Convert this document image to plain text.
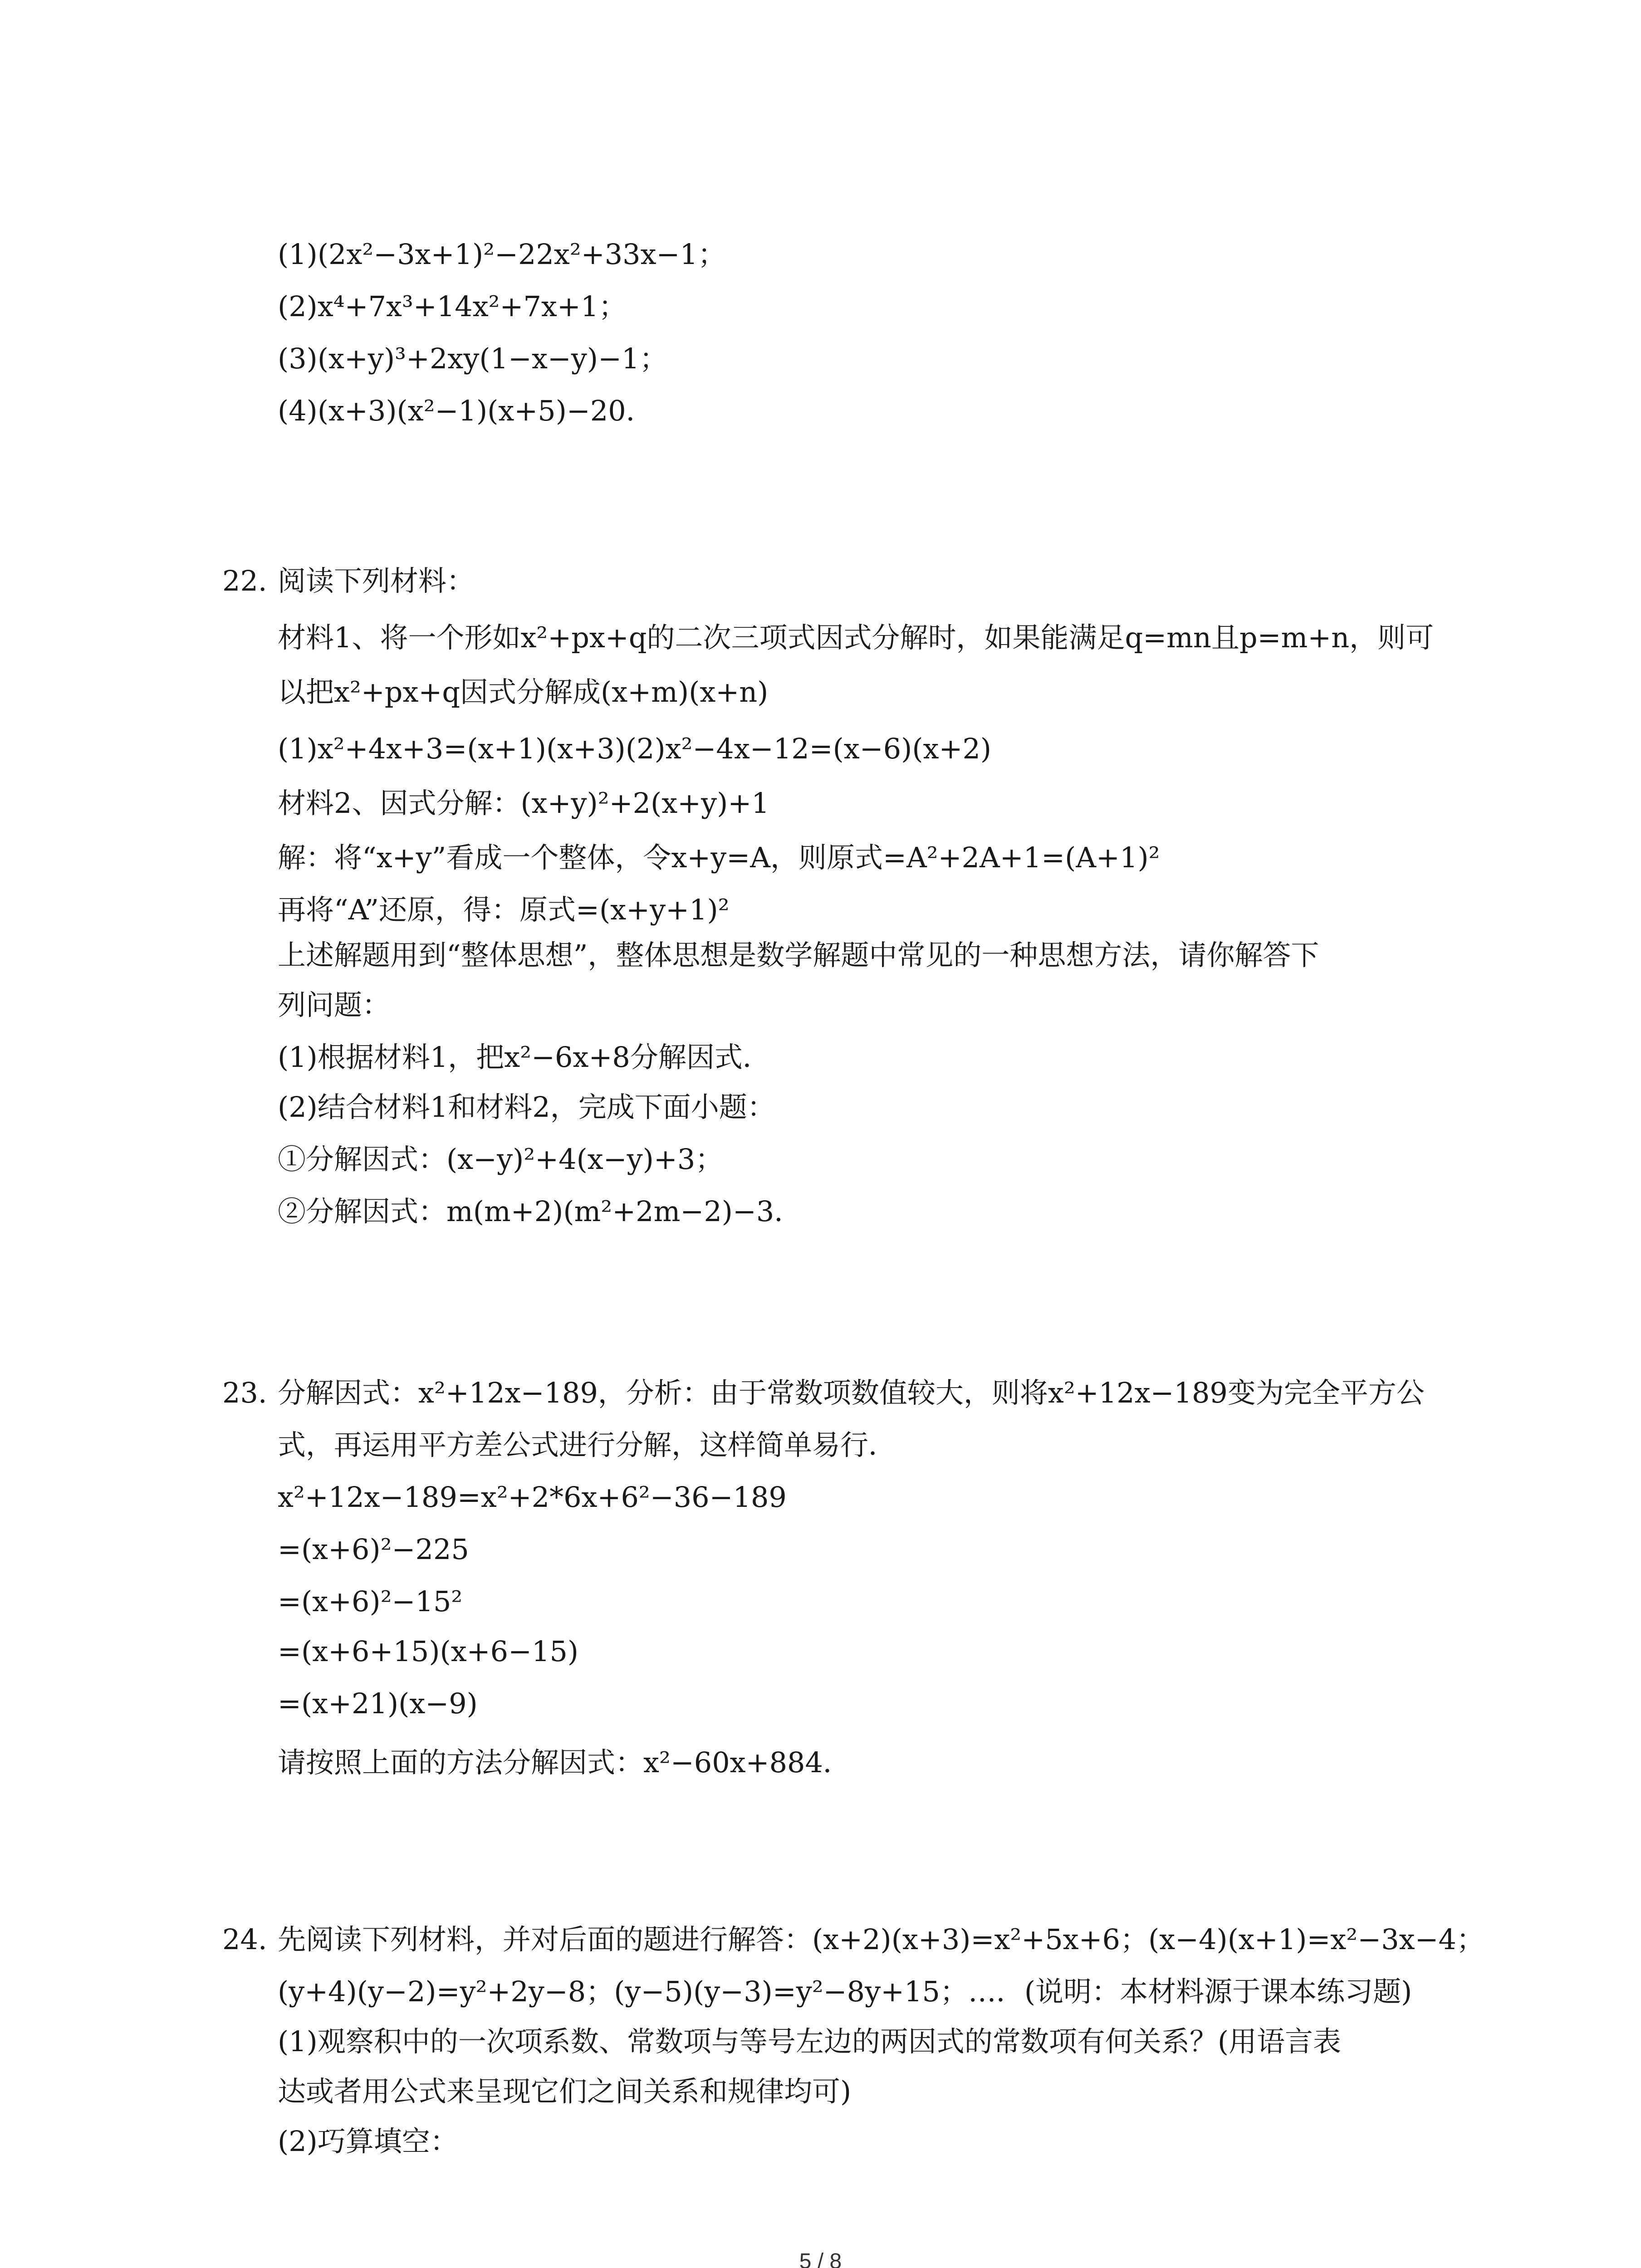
(1)(2x²−3x+1)²−22x²+33x−1；
(2)x⁴+7x³+14x²+7x+1；
(3)(x+y)³+2xy(1−x−y)−1；
(4)(x+3)(x²−1)(x+5)−20．
22. 阅读下列材料：
材料1、将一个形如x²+px+q的二次三项式因式分解时，如果能满足q=mn且p=m+n，则可
以把x²+px+q因式分解成(x+m)(x+n)
(1)x²+4x+3=(x+1)(x+3)(2)x²−4x−12=(x−6)(x+2)
材料2、因式分解：(x+y)²+2(x+y)+1
解：将“x+y”看成一个整体，令x+y=A，则原式=A²+2A+1=(A+1)²
再将“A”还原，得：原式=(x+y+1)²
上述解题用到“整体思想”，整体思想是数学解题中常见的一种思想方法，请你解答下
列问题：
(1)根据材料1，把x²−6x+8分解因式．
(2)结合材料1和材料2，完成下面小题：
①分解因式：(x−y)²+4(x−y)+3；
②分解因式：m(m+2)(m²+2m−2)−3．
23. 分解因式：x²+12x−189，分析：由于常数项数值较大，则将x²+12x−189变为完全平方公
式，再运用平方差公式进行分解，这样简单易行．
x²+12x−189=x²+2*6x+6²−36−189
=(x+6)²−225
=(x+6)²−15²
=(x+6+15)(x+6−15)
=(x+21)(x−9)
请按照上面的方法分解因式：x²−60x+884．
24. 先阅读下列材料，并对后面的题进行解答：(x+2)(x+3)=x²+5x+6；(x−4)(x+1)=x²−3x−4；
(y+4)(y−2)=y²+2y−8；(y−5)(y−3)=y²−8y+15；…．(说明：本材料源于课本练习题)
(1)观察积中的一次项系数、常数项与等号左边的两因式的常数项有何关系？(用语言表
达或者用公式来呈现它们之间关系和规律均可)
(2)巧算填空：
5 / 8
